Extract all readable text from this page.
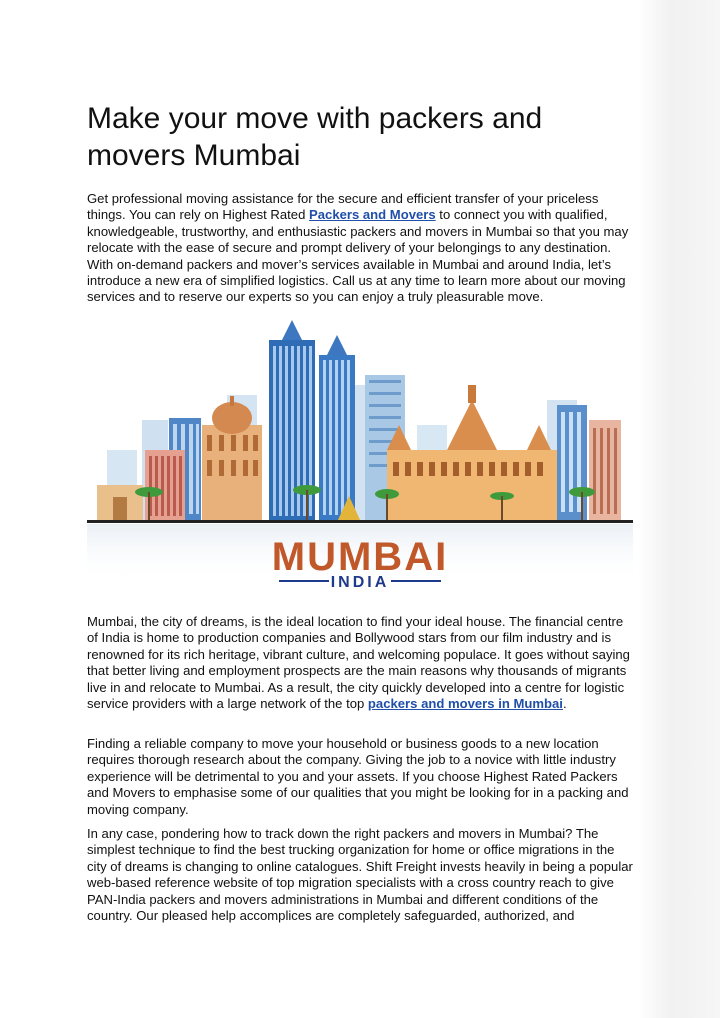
Make your move with packers and movers Mumbai

Get professional moving assistance for the secure and efficient transfer of your priceless things. You can rely on Highest Rated Packers and Movers to connect you with qualified, knowledgeable, trustworthy, and enthusiastic packers and movers in Mumbai so that you may relocate with the ease of secure and prompt delivery of your belongings to any destination. With on-demand packers and mover’s services available in Mumbai and around India, let’s introduce a new era of simplified logistics. Call us at any time to learn more about our moving services and to reserve our experts so you can enjoy a truly pleasurable move.

MUMBAI
INDIA

Mumbai, the city of dreams, is the ideal location to find your ideal house. The financial centre of India is home to production companies and Bollywood stars from our film industry and is renowned for its rich heritage, vibrant culture, and welcoming populace. It goes without saying that better living and employment prospects are the main reasons why thousands of migrants live in and relocate to Mumbai. As a result, the city quickly developed into a centre for logistic service providers with a large network of the top packers and movers in Mumbai.

Finding a reliable company to move your household or business goods to a new location requires thorough research about the company. Giving the job to a novice with little industry experience will be detrimental to you and your assets. If you choose Highest Rated Packers and Movers to emphasise some of our qualities that you might be looking for in a packing and moving company.

In any case, pondering how to track down the right packers and movers in Mumbai? The simplest technique to find the best trucking organization for home or office migrations in the city of dreams is changing to online catalogues. Shift Freight invests heavily in being a popular web-based reference website of top migration specialists with a cross country reach to give PAN-India packers and movers administrations in Mumbai and different conditions of the country. Our pleased help accomplices are completely safeguarded, authorized, and
